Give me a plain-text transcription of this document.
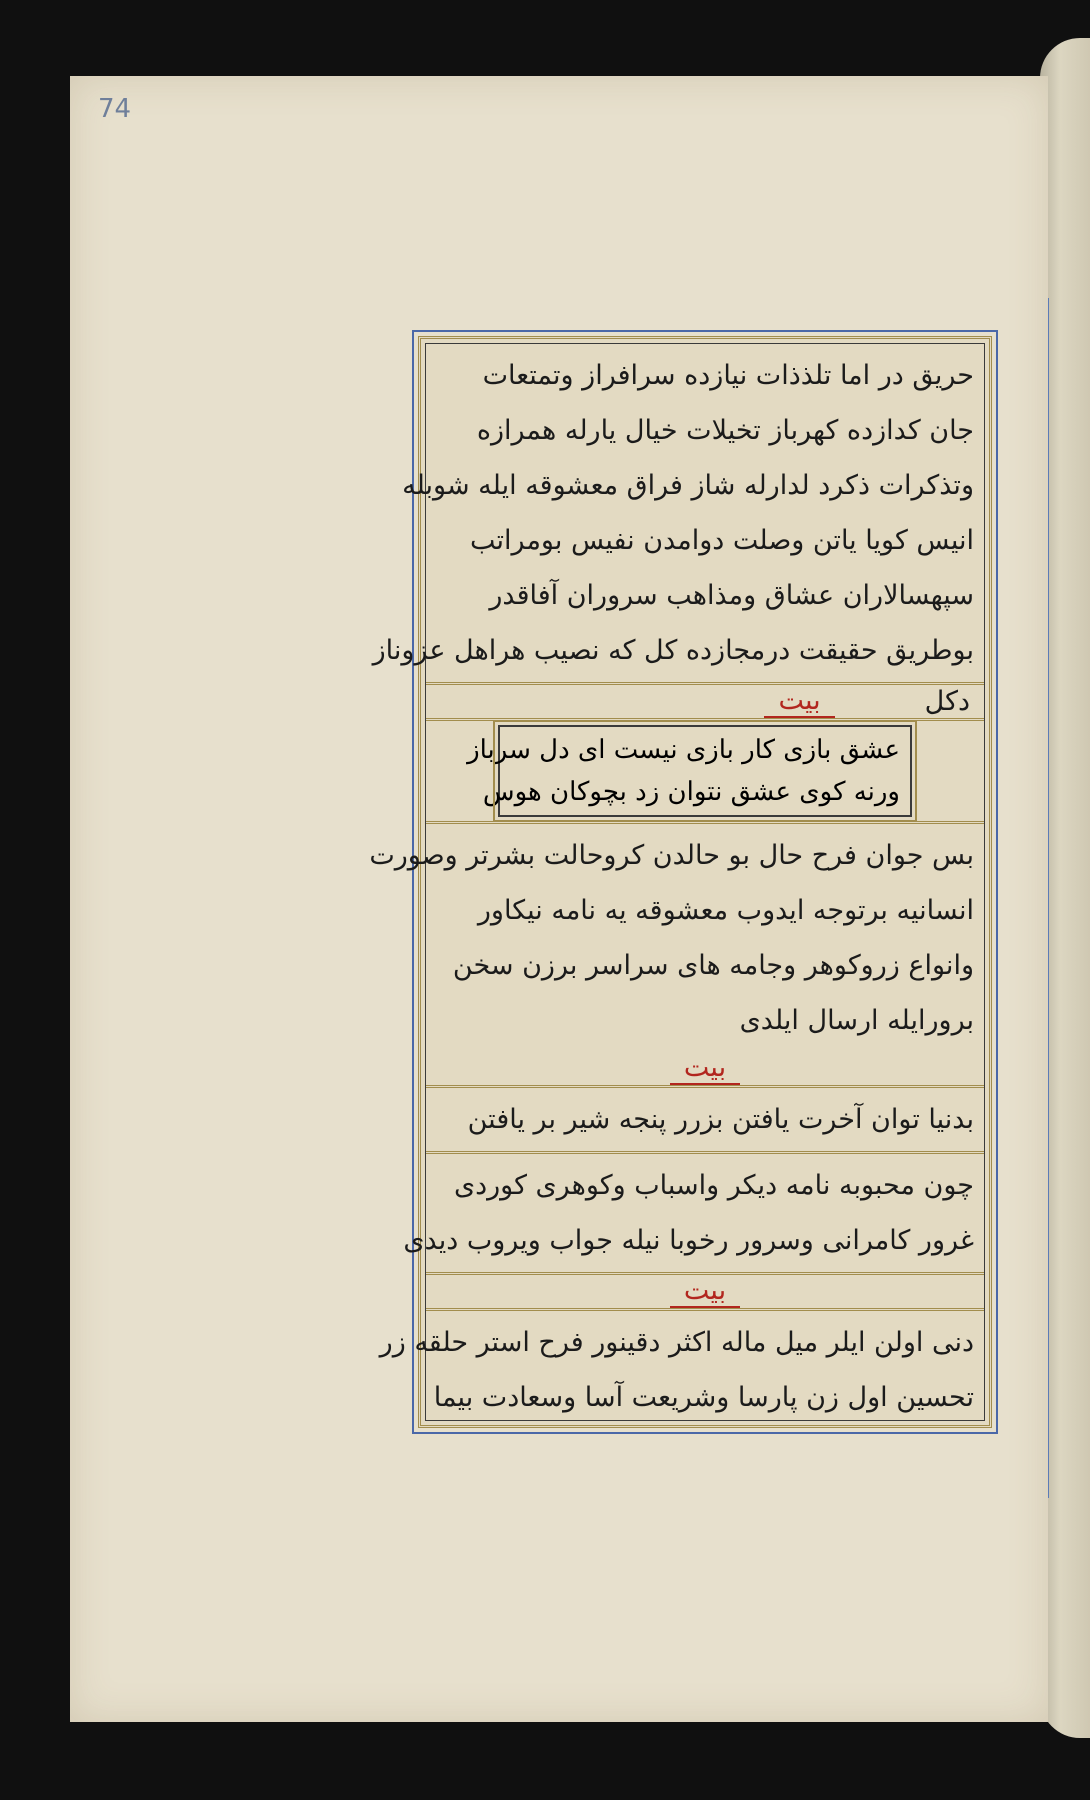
74
حریق در اما تلذذات نیازده سرافراز وتمتعات
جان کدازده کهرباز تخیلات خیال یارله همرازه
وتذکرات ذکرد لدارله شاز فراق معشوقه ایله شوبله
انیس کویا یاتن وصلت دوامدن نفیس بومراتب
سپهسالاران عشاق ومذاهب سروران آفاقدر
بوطریق حقیقت درمجازده کل که نصیب هراهل عزوناز
دکل
بیت
عشق بازی کار بازی نیست ای دل سرباز
ورنه کوی عشق نتوان زد بچوکان هوس
بس جوان فرح حال بو حالدن کروحالت بشرتر وصورت
انسانیه برتوجه ایدوب معشوقه یه نامه نیکاور
وانواع زروکوهر وجامه های سراسر برزن سخن
برورایله ارسال ایلدی
بیت
بدنیا توان آخرت یافتن بزرر پنجه شیر بر یافتن
چون محبوبه نامه دیکر واسباب وکوهری کوردی
غرور کامرانی وسرور رخوبا نیله جواب ویروب دیدی
بیت
دنی اولن ایلر میل ماله اکثر دقینور فرح استر حلقه زر
تحسین اول زن پارسا وشریعت آسا وسعادت بیما
